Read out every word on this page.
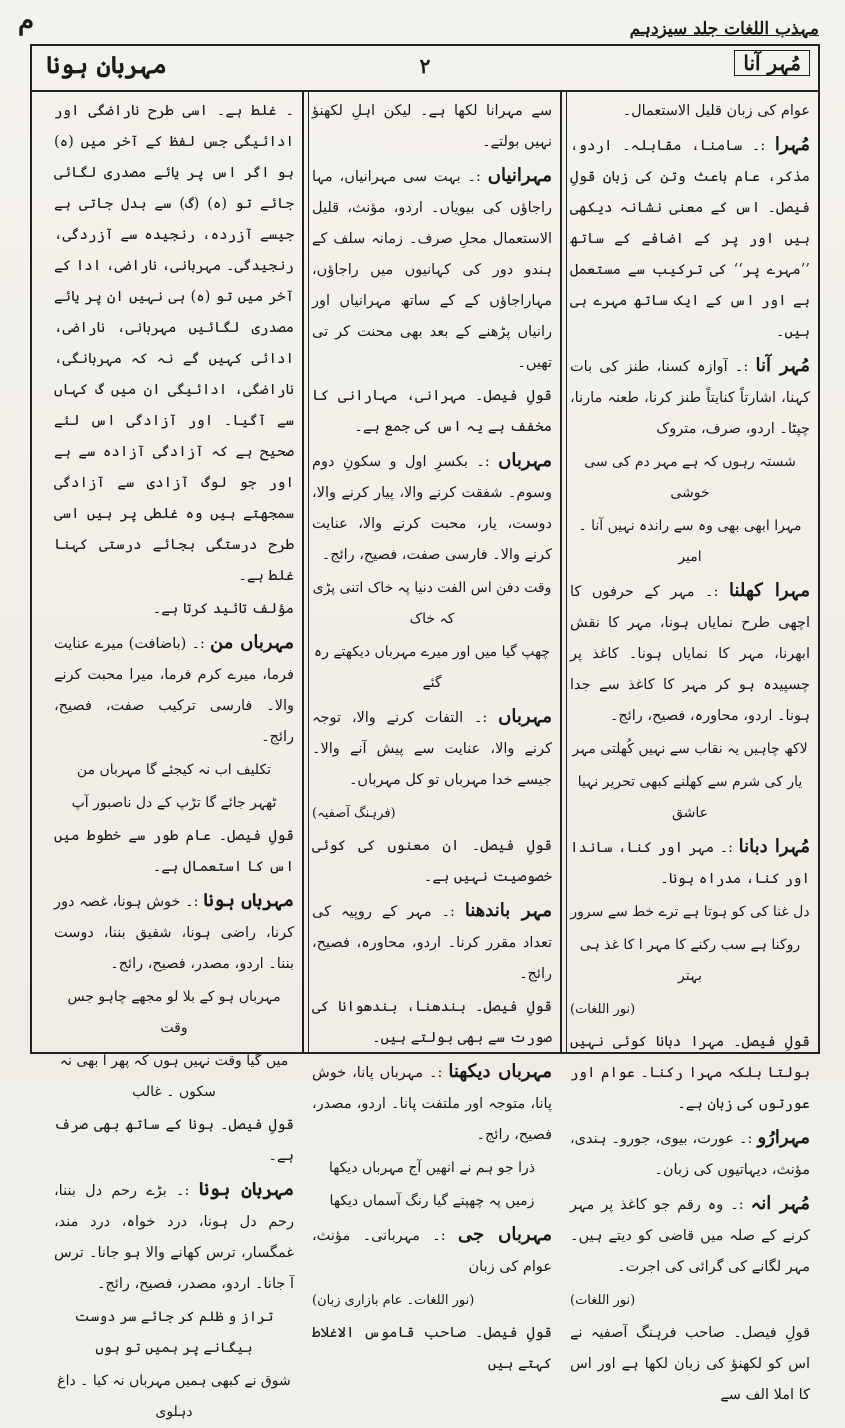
م	مہذب اللغات جلد سیزدہم
مہربان ہونا	۲	مُہر آنا

عوام کی زبان قلیل الاستعمال۔

مُہرا :۔ سامنا، مقابلہ۔ اردو، مذکر، عام باعث وتن کی زبان قولِ فیصل۔ اس کے معنی نشانہ دیکھی ہیں اور پر کے اضافے کے ساتھ ’’مہرے پر‘‘ کی ترکیب سے مستعمل ہے اور اس کے ایک ساتھ مہرے ہی ہیں۔

مُہر آنا :۔ آوازہ کسنا، طنز کی بات کہنا، اشارتاً کنایتاً طنز کرنا، طعنہ مارنا، چپٹا۔ اردو، صرف، متروک

شستہ رہوں کہ ہے مہر دم کی سی خوشی

مہرا ابھی بھی وہ سے راندہ نہیں آنا ۔ امیر

مہرا کھلنا :۔ مہر کے حرفوں کا اچھی طرح نمایاں ہونا، مہر کا نقش ابھرنا، مہر کا نمایاں ہونا۔ کاغذ پر چسپیدہ ہو کر مہر کا کاغذ سے جدا ہونا۔ اردو، محاورہ، فصیح، رائج۔

لاکھ چاہیں یہ نقاب سے نہیں کُھلتی مہر

یار کی شرم سے کھلنے کبھی تحریر نہیا عاشق

مُہرا دبانا :۔ مہر اور کنا، ساندا اور کنا، مدراہ ہونا۔

دل غنا کی کو ہوتا ہے ترے خط سے سرور

روکنا ہے سب رکنے کا مہر ا کا غذ ہی بہتر

(نور اللغات)

قولِ فیصل۔ مہرا دبانا کوئی نہیں بولتا بلکہ مہرا رکنا۔ عوام اور عورتوں کی زبان ہے۔

مہرارُو :۔ عورت، بیوی، جورو۔ ہندی، مؤنث، دیہاتیوں کی زبان۔

مُہر انہ :۔ وہ رقم جو کاغذ پر مہر کرنے کے صلہ میں قاضی کو دیتے ہیں۔ مہر لگانے کی گرائی کی اجرت۔

(نور اللغات)

قولِ فیصل۔ صاحب فرہنگ آصفیہ نے اس کو لکھنؤ کی زبان لکھا ہے اور اس کا املا الف سے

سے مہرانا لکھا ہے۔ لیکن اہلِ لکھنؤ نہیں بولتے۔

مہرانیاں :۔ بہت سی مہرانیاں، مہا راجاؤں کی بیویاں۔ اردو، مؤنث، قلیل الاستعمال محلِ صرف۔ زمانہ سلف کے ہندو دور کی کہانیوں میں راجاؤں، مہاراجاؤں کے کے ساتھ مہرانیاں اور رانیاں پڑھنے کے بعد بھی محنت کر تی تھیں۔

قولِ فیصل۔ مہرانی، مہارانی کا مخفف ہے یہ اس کی جمع ہے۔

مہرباں :۔ بکسرِ اول و سکونِ دوم وسوم۔ شفقت کرنے والا، پیار کرنے والا، دوست، یار، محبت کرنے والا، عنایت کرنے والا۔ فارسی صفت، فصیح، رائج۔

وقت دفن اس الفت دنیا پہ خاک اتنی پڑی کہ خاک

چھپ گیا میں اور میرے مہرباں دیکھتے رہ گئے

مہرباں :۔ التفات کرنے والا، توجہ کرنے والا، عنایت سے پیش آنے والا۔ جیسے خدا مہرباں تو کل مہرباں۔

(فرہنگ آصفیہ)

قولِ فیصل۔ ان معنوں کی کوئی خصوصیت نہیں ہے۔

مہر باندھنا :۔ مہر کے روپیہ کی تعداد مقرر کرنا۔ اردو، محاورہ، فصیح، رائج۔

قولِ فیصل۔ بندھنا، بندھوانا کی صورت سے بھی بولتے ہیں۔

مہرباں دیکھنا :۔ مہرباں پانا، خوش پانا، متوجہ اور ملتفت پانا۔ اردو، مصدر، فصیح، رائج۔

ذرا جو ہم نے انھیں آج مہرباں دیکھا

زمیں پہ چھپتے گیا رنگ آسماں دیکھا

مہرباں جی :۔ مہربانی۔ مؤنث، عوام کی زبان

(نور اللغات۔ عام بازاری زبان)

قولِ فیصل۔ صاحب قاموس الاغلاط کہتے ہیں

۔ غلط ہے۔ اسی طرح ناراضگی اور ادائیگی جس لفظ کے آخر میں (ہ) ہو اگر اس پر یائے مصدری لگائی جائے تو (ہ) (گ) سے بدل جاتی ہے جیسے آزردہ، رنجیدہ سے آزردگی، رنجیدگی۔ مہربانی، ناراضی، ادا کے آخر میں تو (ہ) ہی نہیں ان پر یائے مصدری لگائیں مہربانی، ناراضی، ادائی کہیں گے نہ کہ مہربانگی، ناراضگی، ادائیگی ان میں گ کہاں سے آگیا۔ اور آزادگی اس لئے صحیح ہے کہ آزادگی آزادہ سے ہے اور جو لوگ آزادی سے آزادگی سمجھتے ہیں وہ غلطی پر ہیں اسی طرح درستگی بجائے درستی کہنا غلط ہے۔

مؤلف تائید کرتا ہے۔

مہرباں من :۔ (باضافت) میرے عنایت فرما، میرے کرم فرما، میرا محبت کرنے والا۔ فارسی ترکیب صفت، فصیح، رائج۔

تکلیف اب نہ کیجئے گا مہرباں من

ٹھہر جائے گا تڑپ کے دل ناصبور آپ

قولِ فیصل۔ عام طور سے خطوط میں اس کا استعمال ہے۔

مہرباں ہونا :۔ خوش ہونا، غصہ دور کرنا، راضی ہونا، شفیق بننا، دوست بننا۔ اردو، مصدر، فصیح، رائج۔

مہرباں ہو کے بلا لو مجھے چاہو جس وقت

میں گیا وقت نہیں ہوں کہ پھر آ بھی نہ سکوں ۔ غالب

قولِ فیصل۔ ہونا کے ساتھ بھی صرف ہے۔

مہربان ہونا :۔ بڑے رحم دل بننا، رحم دل ہونا، درد خواہ، درد مند، غمگسار، ترس کھانے والا ہو جانا۔ ترس آ جانا۔ اردو، مصدر، فصیح، رائج۔

تراز و ظلم کر جائے سر دوست بیگانے پر ہمیں تو ہوں

شوق نے کبھی ہمیں مہرباں نہ کیا ۔ داغ دہلوی
